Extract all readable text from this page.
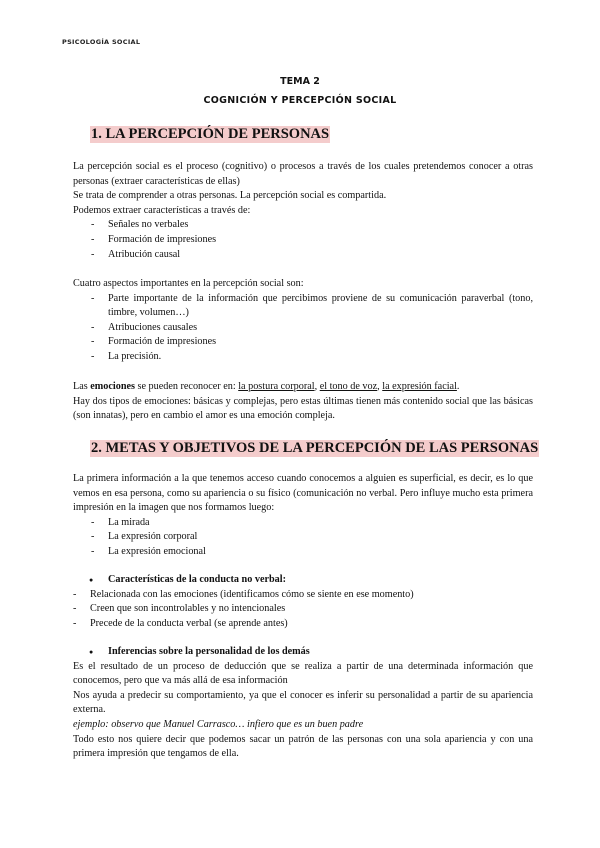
PSICOLOGÍA SOCIAL
TEMA 2
COGNICIÓN Y PERCEPCIÓN SOCIAL
1. LA PERCEPCIÓN DE PERSONAS

La percepción social es el proceso (cognitivo) o procesos a través de los cuales pretendemos conocer a otras personas (extraer características de ellas)

Se trata de comprender a otras personas. La percepción social es compartida.

Podemos extraer características a través de:

- Señales no verbales
- Formación de impresiones
- Atribución causal

Cuatro aspectos importantes en la percepción social son:

- Parte importante de la información que percibimos proviene de su comunicación paraverbal (tono, timbre, volumen…)
- Atribuciones causales
- Formación de impresiones
- La precisión.

Las emociones se pueden reconocer en: la postura corporal, el tono de voz, la expresión facial.

Hay dos tipos de emociones: básicas y complejas, pero estas últimas tienen más contenido social que las básicas (son innatas), pero en cambio el amor es una emoción compleja.

2. METAS Y OBJETIVOS DE LA PERCEPCIÓN DE LAS PERSONAS

La primera información a la que tenemos acceso cuando conocemos a alguien es superficial, es decir, es lo que vemos en esa persona, como su apariencia o su físico (comunicación no verbal. Pero influye mucho esta primera impresión en la imagen que nos formamos luego:

- La mirada
- La expresión corporal
- La expresión emocional
● Características de la conducta no verbal:
- Relacionada con las emociones (identificamos cómo se siente en ese momento)
- Creen que son incontrolables y no intencionales
- Precede de la conducta verbal (se aprende antes)
● Inferencias sobre la personalidad de los demás

Es el resultado de un proceso de deducción que se realiza a partir de una determinada información que conocemos, pero que va más allá de esa información

Nos ayuda a predecir su comportamiento, ya que el conocer es inferir su personalidad a partir de su apariencia externa.

ejemplo: observo que Manuel Carrasco… infiero que es un buen padre

Todo esto nos quiere decir que podemos sacar un patrón de las personas con una sola apariencia y con una primera impresión que tengamos de ella.
